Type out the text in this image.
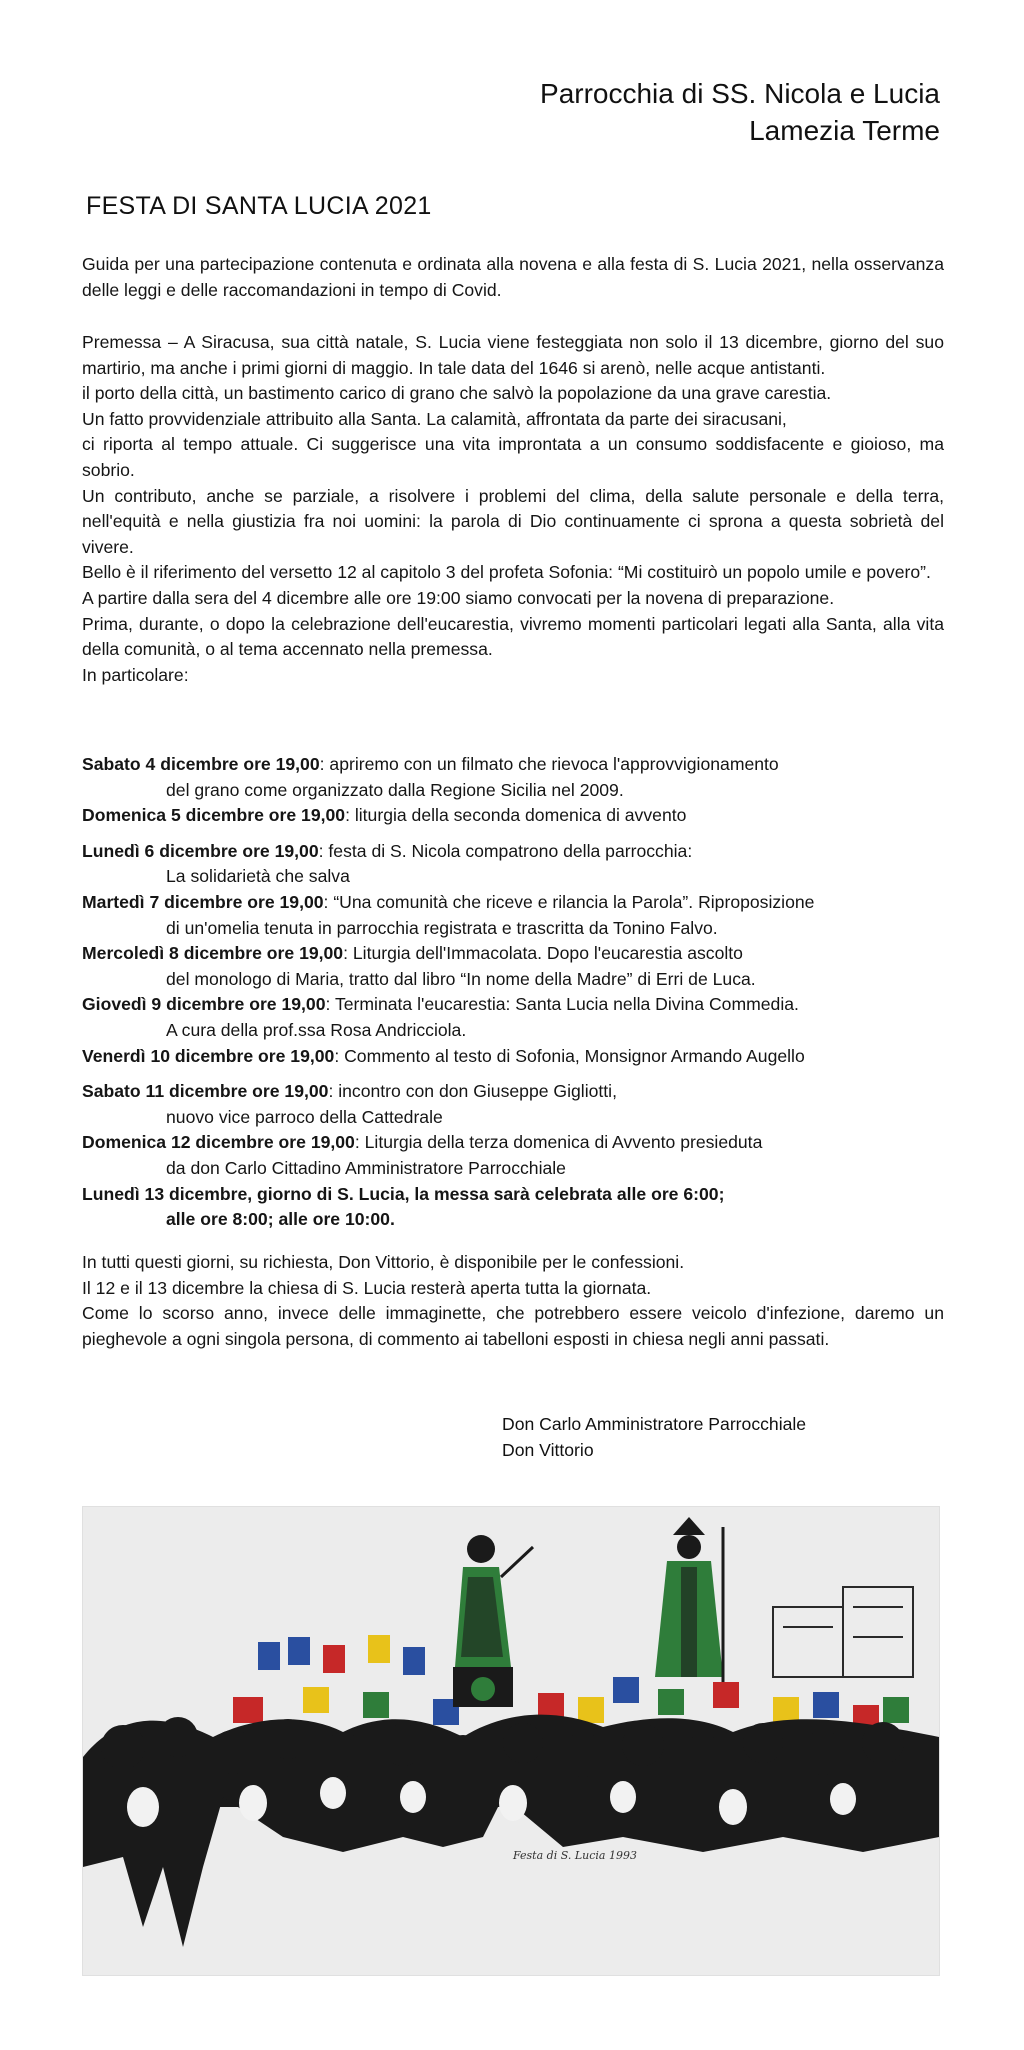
Parrocchia di SS. Nicola e Lucia
Lamezia Terme
FESTA DI SANTA LUCIA 2021

Guida per una partecipazione contenuta e ordinata alla novena e alla festa di S. Lucia 2021, nella osservanza delle leggi e delle raccomandazioni in tempo di Covid.

Premessa – A Siracusa, sua città natale, S. Lucia viene festeggiata non solo il 13 dicembre, giorno del suo martirio, ma anche i primi giorni di maggio. In tale data del 1646 si arenò, nelle acque antistanti.

il porto della città, un bastimento carico di grano che salvò la popolazione da una grave carestia.

Un fatto provvidenziale attribuito alla Santa. La calamità, affrontata da parte dei siracusani,

ci riporta al tempo attuale. Ci suggerisce una vita improntata a un consumo soddisfacente e gioioso, ma sobrio.

Un contributo, anche se parziale, a risolvere i problemi del clima, della salute personale e della terra, nell'equità e nella giustizia fra noi uomini: la parola di Dio continuamente ci sprona a questa sobrietà del vivere.

Bello è il riferimento del versetto 12 al capitolo 3 del profeta Sofonia: “Mi costituirò un popolo umile e povero”.

A partire dalla sera del 4 dicembre alle ore 19:00 siamo convocati per la novena di preparazione.

Prima, durante, o dopo la celebrazione dell'eucarestia, vivremo momenti particolari legati alla Santa, alla vita della comunità, o al tema accennato nella premessa.

In particolare:

Sabato 4 dicembre ore 19,00: apriremo con un filmato che rievoca l'approvvigionamento

del grano come organizzato dalla Regione Sicilia nel 2009.

Domenica 5 dicembre ore 19,00: liturgia della seconda domenica di avvento

Lunedì 6 dicembre ore 19,00: festa di S. Nicola compatrono della parrocchia:

La solidarietà che salva

Martedì 7 dicembre ore 19,00: “Una comunità che riceve e rilancia la Parola”. Riproposizione

di un'omelia tenuta in parrocchia registrata e trascritta da Tonino Falvo.

Mercoledì 8 dicembre ore 19,00: Liturgia dell'Immacolata. Dopo l'eucarestia ascolto

del monologo di Maria, tratto dal libro “In nome della Madre” di Erri de Luca.

Giovedì 9 dicembre ore 19,00: Terminata l'eucarestia: Santa Lucia nella Divina Commedia.

A cura della prof.ssa Rosa Andricciola.

Venerdì 10 dicembre ore 19,00: Commento al testo di Sofonia, Monsignor Armando Augello

Sabato 11 dicembre ore 19,00: incontro con don Giuseppe Gigliotti,

nuovo vice parroco della Cattedrale

Domenica 12 dicembre ore 19,00: Liturgia della terza domenica di Avvento presieduta

da don Carlo Cittadino Amministratore Parrocchiale

Lunedì 13 dicembre, giorno di S. Lucia, la messa sarà celebrata alle ore 6:00;

alle ore 8:00; alle ore 10:00.

In tutti questi giorni, su richiesta, Don Vittorio, è disponibile per le confessioni.

Il 12 e il 13 dicembre la chiesa di S. Lucia resterà aperta tutta la giornata.

Come lo scorso anno, invece delle immaginette, che potrebbero essere veicolo d'infezione, daremo un pieghevole a ogni singola persona, di commento ai tabelloni esposti in chiesa negli anni passati.

Don Carlo Amministratore Parrocchiale
Don Vittorio
Festa di S. Lucia 1993
